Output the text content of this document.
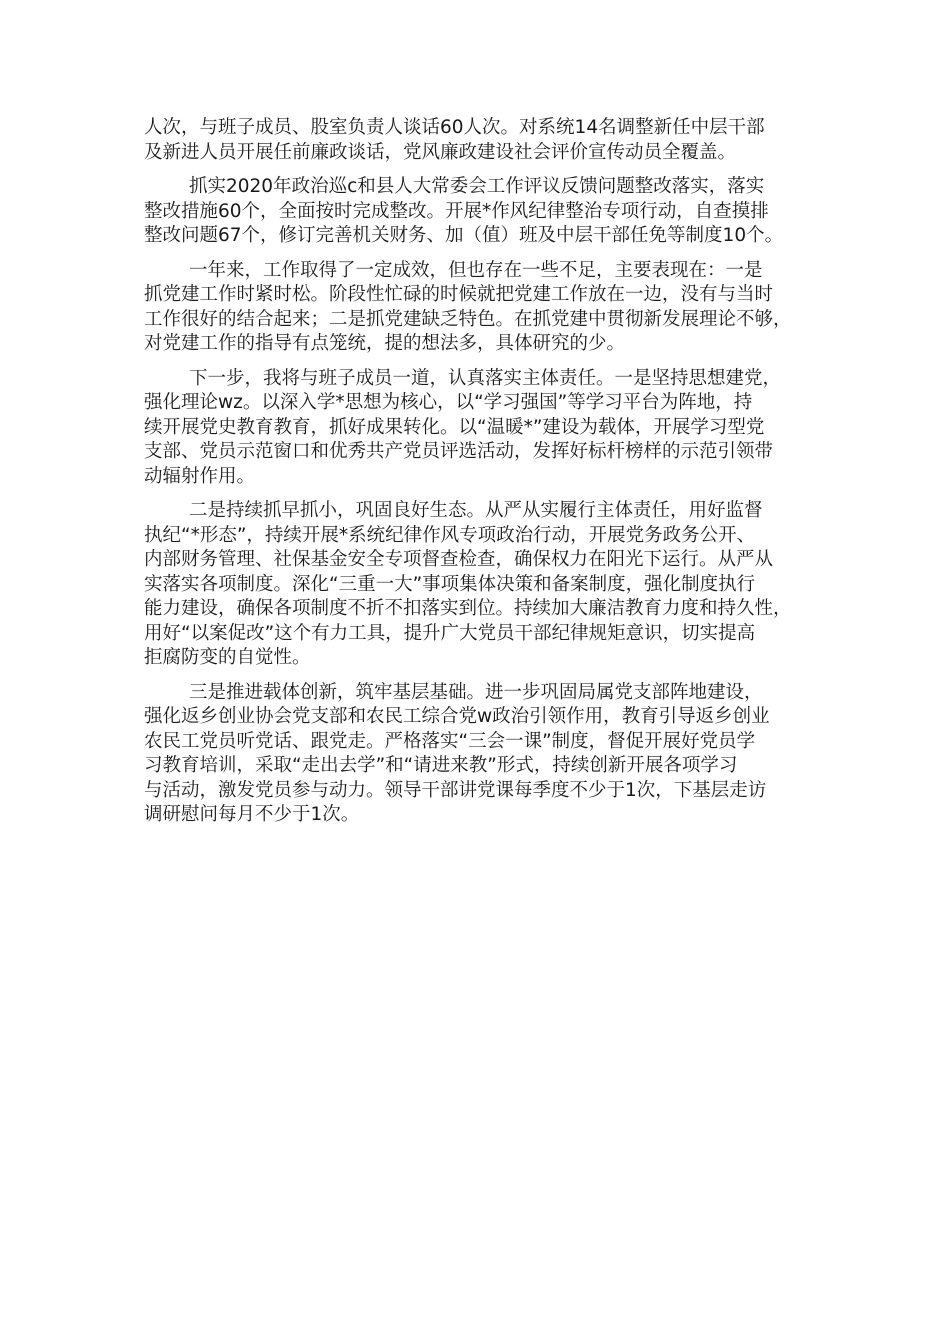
人次，与班子成员、股室负责人谈话60人次。对系统14名调整新任中层干部
及新进人员开展任前廉政谈话，党风廉政建设社会评价宣传动员全覆盖。
抓实2020年政治巡c和县人大常委会工作评议反馈问题整改落实，落实
整改措施60个，全面按时完成整改。开展*作风纪律整治专项行动，自查摸排
整改问题67个，修订完善机关财务、加（值）班及中层干部任免等制度10个。
一年来，工作取得了一定成效，但也存在一些不足，主要表现在：一是
抓党建工作时紧时松。阶段性忙碌的时候就把党建工作放在一边，没有与当时
工作很好的结合起来；二是抓党建缺乏特色。在抓党建中贯彻新发展理论不够，
对党建工作的指导有点笼统，提的想法多，具体研究的少。
下一步，我将与班子成员一道，认真落实主体责任。一是坚持思想建党，
强化理论wz。以深入学*思想为核心，以“学习强国”等学习平台为阵地，持
续开展党史教育教育，抓好成果转化。以“温暖*”建设为载体，开展学习型党
支部、党员示范窗口和优秀共产党员评选活动，发挥好标杆榜样的示范引领带
动辐射作用。
二是持续抓早抓小，巩固良好生态。从严从实履行主体责任，用好监督
执纪“*形态”，持续开展*系统纪律作风专项政治行动，开展党务政务公开、
内部财务管理、社保基金安全专项督查检查，确保权力在阳光下运行。从严从
实落实各项制度。深化“三重一大”事项集体决策和备案制度，强化制度执行
能力建设，确保各项制度不折不扣落实到位。持续加大廉洁教育力度和持久性，
用好“以案促改”这个有力工具，提升广大党员干部纪律规矩意识，切实提高
拒腐防变的自觉性。
三是推进载体创新，筑牢基层基础。进一步巩固局属党支部阵地建设，
强化返乡创业协会党支部和农民工综合党w政治引领作用，教育引导返乡创业
农民工党员听党话、跟党走。严格落实“三会一课”制度，督促开展好党员学
习教育培训，采取“走出去学”和“请进来教”形式，持续创新开展各项学习
与活动，激发党员参与动力。领导干部讲党课每季度不少于1次，下基层走访
调研慰问每月不少于1次。
